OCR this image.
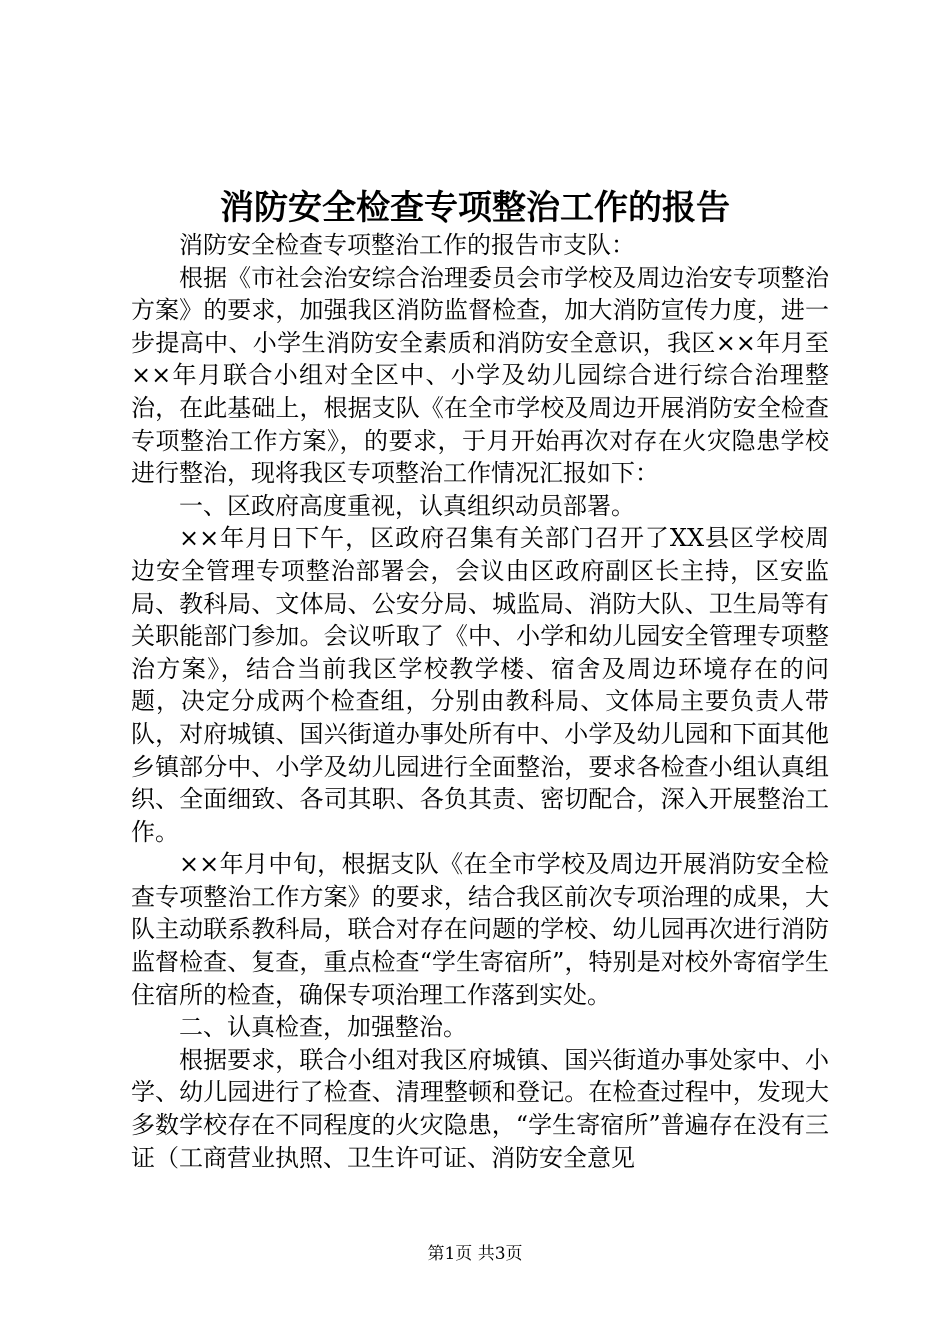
消防安全检查专项整治工作的报告

消防安全检查专项整治工作的报告市支队：

根据《市社会治安综合治理委员会市学校及周边治安专项整治方案》的要求，加强我区消防监督检查，加大消防宣传力度，进一步提高中、小学生消防安全素质和消防安全意识，我区××年月至××年月联合小组对全区中、小学及幼儿园综合进行综合治理整治，在此基础上，根据支队《在全市学校及周边开展消防安全检查专项整治工作方案》，的要求，于月开始再次对存在火灾隐患学校进行整治，现将我区专项整治工作情况汇报如下：

一、区政府高度重视，认真组织动员部署。

××年月日下午，区政府召集有关部门召开了XX县区学校周边安全管理专项整治部署会，会议由区政府副区长主持，区安监局、教科局、文体局、公安分局、城监局、消防大队、卫生局等有关职能部门参加。会议听取了《中、小学和幼儿园安全管理专项整治方案》，结合当前我区学校教学楼、宿舍及周边环境存在的问题，决定分成两个检查组，分别由教科局、文体局主要负责人带队，对府城镇、国兴街道办事处所有中、小学及幼儿园和下面其他乡镇部分中、小学及幼儿园进行全面整治，要求各检查小组认真组织、全面细致、各司其职、各负其责、密切配合，深入开展整治工作。

××年月中旬，根据支队《在全市学校及周边开展消防安全检查专项整治工作方案》的要求，结合我区前次专项治理的成果，大队主动联系教科局，联合对存在问题的学校、幼儿园再次进行消防监督检查、复查，重点检查“学生寄宿所”，特别是对校外寄宿学生住宿所的检查，确保专项治理工作落到实处。

二、认真检查，加强整治。

根据要求，联合小组对我区府城镇、国兴街道办事处家中、小学、幼儿园进行了检查、清理整顿和登记。在检查过程中，发现大多数学校存在不同程度的火灾隐患，“学生寄宿所”普遍存在没有三证（工商营业执照、卫生许可证、消防安全意见

第1页 共3页
